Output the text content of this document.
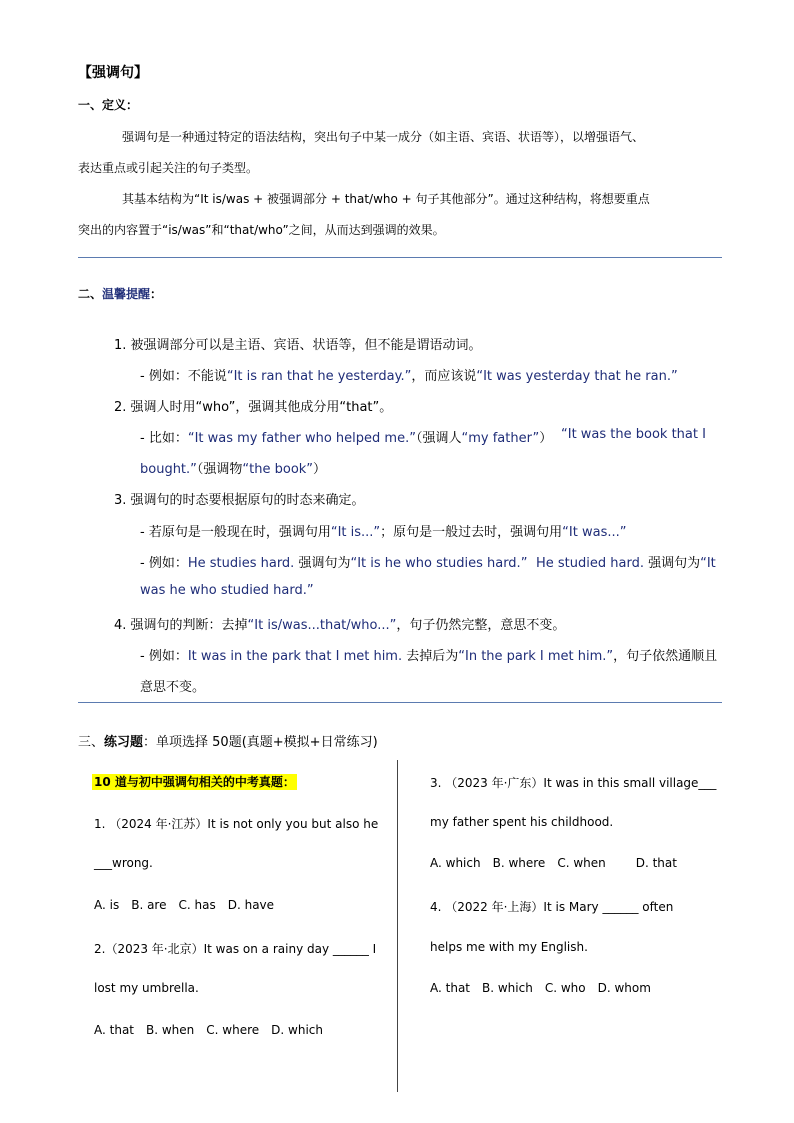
【强调句】
一、定义：
强调句是一种通过特定的语法结构，突出句子中某一成分（如主语、宾语、状语等），以增强语气、
表达重点或引起关注的句子类型。
其基本结构为“It is/was + 被强调部分 + that/who + 句子其他部分”。通过这种结构，将想要重点
突出的内容置于“is/was”和“that/who”之间，从而达到强调的效果。
二、温馨提醒：
1. 被强调部分可以是主语、宾语、状语等，但不能是谓语动词。
- 例如：不能说“It is ran that he yesterday.”，而应该说“It was yesterday that he ran.”
2. 强调人时用“who”，强调其他成分用“that”。
- 比如：“It was my father who helped me.”（强调人“my father”） “It was the book that I
bought.”（强调物“the book”）
3. 强调句的时态要根据原句的时态来确定。
- 若原句是一般现在时，强调句用“It is...”；原句是一般过去时，强调句用“It was...”
- 例如：He studies hard. 强调句为“It is he who studies hard.” He studied hard. 强调句为“It
was he who studied hard.”
4. 强调句的判断：去掉“It is/was...that/who...”，句子仍然完整，意思不变。
- 例如：It was in the park that I met him. 去掉后为“In the park I met him.”，句子依然通顺且
意思不变。
三、练习题：单项选择 50题(真题+模拟+日常练习)
10 道与初中强调句相关的中考真题：
1. （2024 年·江苏）It is not only you but also he
___wrong.
A. is B. are C. has D. have
2.（2023 年·北京）It was on a rainy day ______ I
lost my umbrella.
A. that B. when C. where D. which
3. （2023 年·广东）It was in this small village___
my father spent his childhood.
A. which B. where C. when	D. that
4. （2022 年·上海）It is Mary ______ often
helps me with my English.
A. that B. which C. who D. whom
